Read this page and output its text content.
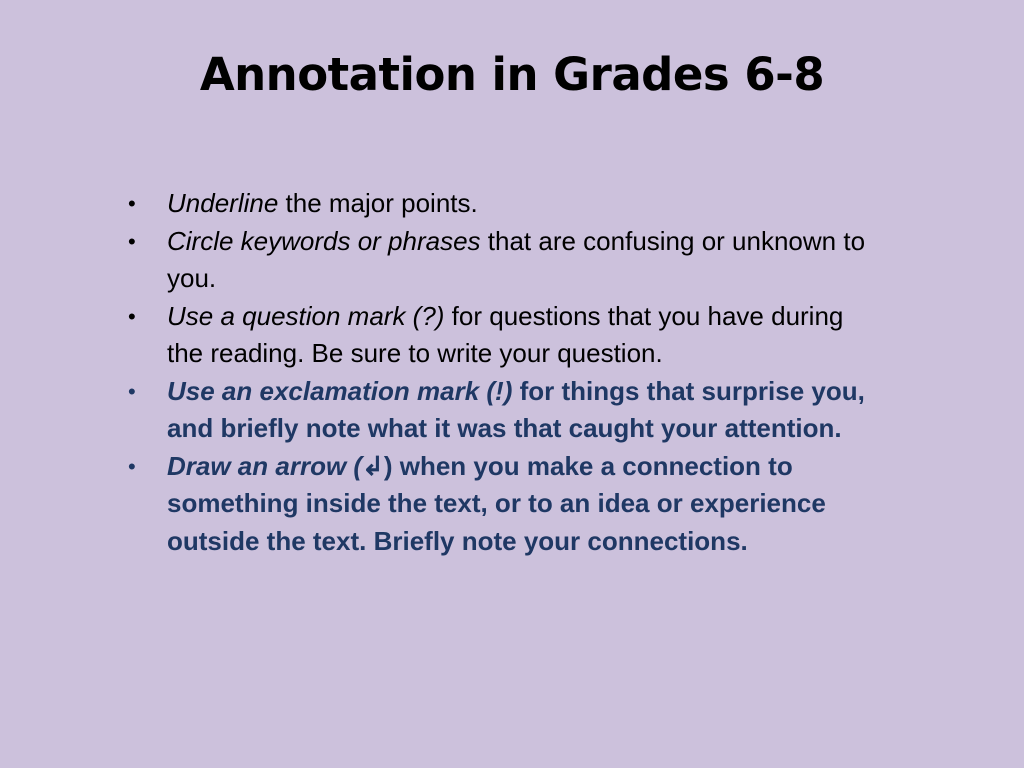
Annotation in Grades 6-8
•	Underline the major points.
•	Circle keywords or phrases that are confusing or unknown to you.
•	Use a question mark (?) for questions that you have during the reading. Be sure to write your question.
•	Use an exclamation mark (!) for things that surprise you, and briefly note what it was that caught your attention.
•	Draw an arrow (↲) when you make a connection to something inside the text, or to an idea or experience outside the text. Briefly note your connections.
